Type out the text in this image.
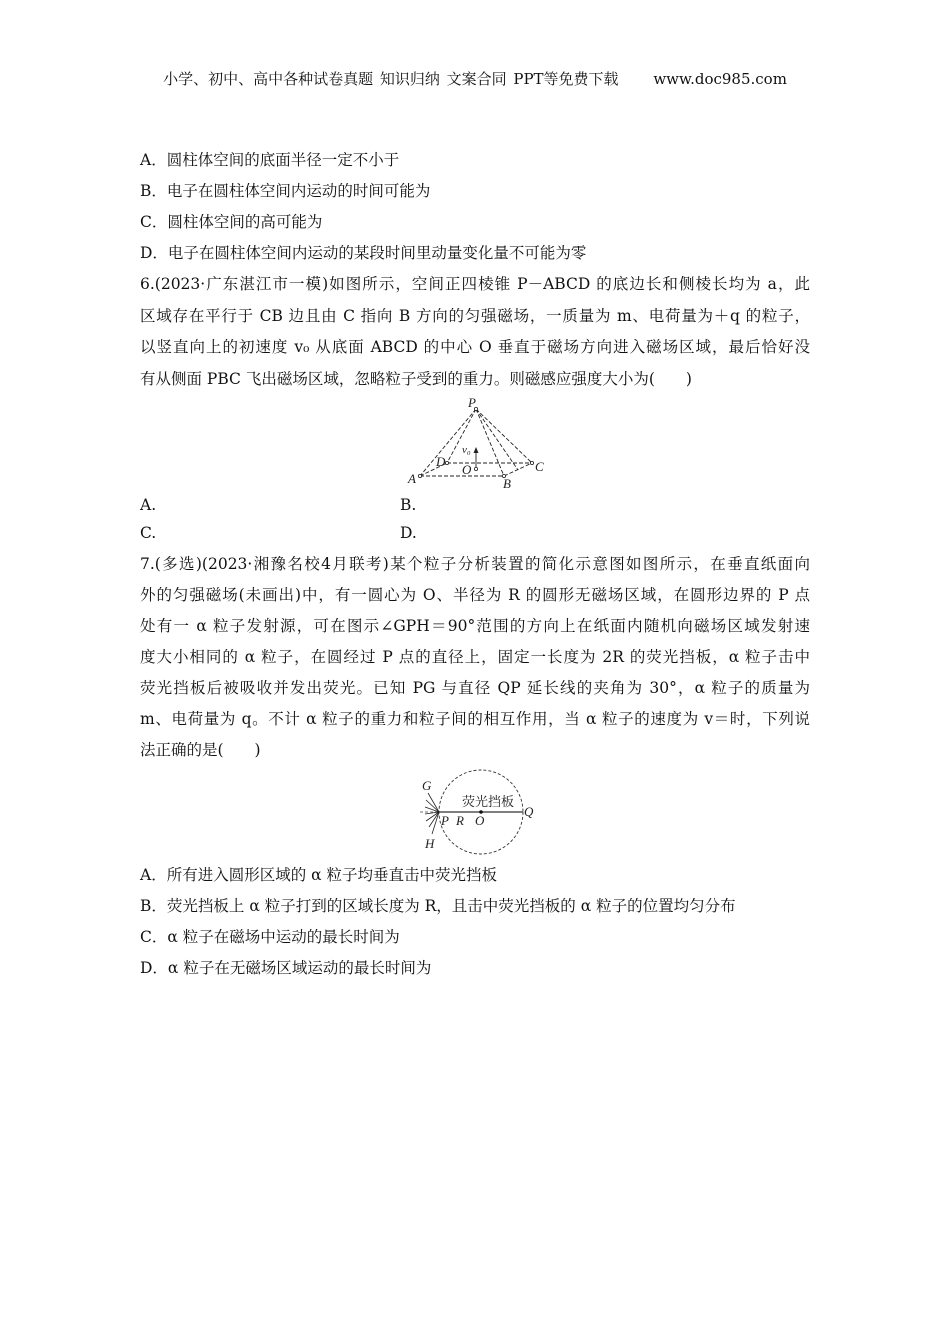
小学、初中、高中各种试卷真题 知识归纳 文案合同 PPT等免费下载 www.doc985.com
A．圆柱体空间的底面半径一定不小于
B．电子在圆柱体空间内运动的时间可能为
C．圆柱体空间的高可能为
D．电子在圆柱体空间内运动的某段时间里动量变化量不可能为零
6.(2023·广东湛江市一模)如图所示，空间正四棱锥 P－ABCD 的底边长和侧棱长均为 a，此
区域存在平行于 CB 边且由 C 指向 B 方向的匀强磁场，一质量为 m、电荷量为＋q 的粒子，
以竖直向上的初速度 v₀ 从底面 ABCD 的中心 O 垂直于磁场方向进入磁场区域，最后恰好没
有从侧面 PBC 飞出磁场区域，忽略粒子受到的重力。则磁感应强度大小为(　　)
P
A
D
B
C
O
v₀
A.	B.
C.	D.
7.(多选)(2023·湘豫名校4月联考)某个粒子分析装置的简化示意图如图所示，在垂直纸面向
外的匀强磁场(未画出)中，有一圆心为 O、半径为 R 的圆形无磁场区域，在圆形边界的 P 点
处有一 α 粒子发射源，可在图示∠GPH＝90°范围的方向上在纸面内随机向磁场区域发射速
度大小相同的 α 粒子，在圆经过 P 点的直径上，固定一长度为 2R 的荧光挡板，α 粒子击中
荧光挡板后被吸收并发出荧光。已知 PG 与直径 QP 延长线的夹角为 30°，α 粒子的质量为
m、电荷量为 q。不计 α 粒子的重力和粒子间的相互作用，当 α 粒子的速度为 v＝时，下列说
法正确的是(　　)
G
H
P R O
Q
荧光挡板
A．所有进入圆形区域的 α 粒子均垂直击中荧光挡板
B．荧光挡板上 α 粒子打到的区域长度为 R，且击中荧光挡板的 α 粒子的位置均匀分布
C．α 粒子在磁场中运动的最长时间为
D．α 粒子在无磁场区域运动的最长时间为
